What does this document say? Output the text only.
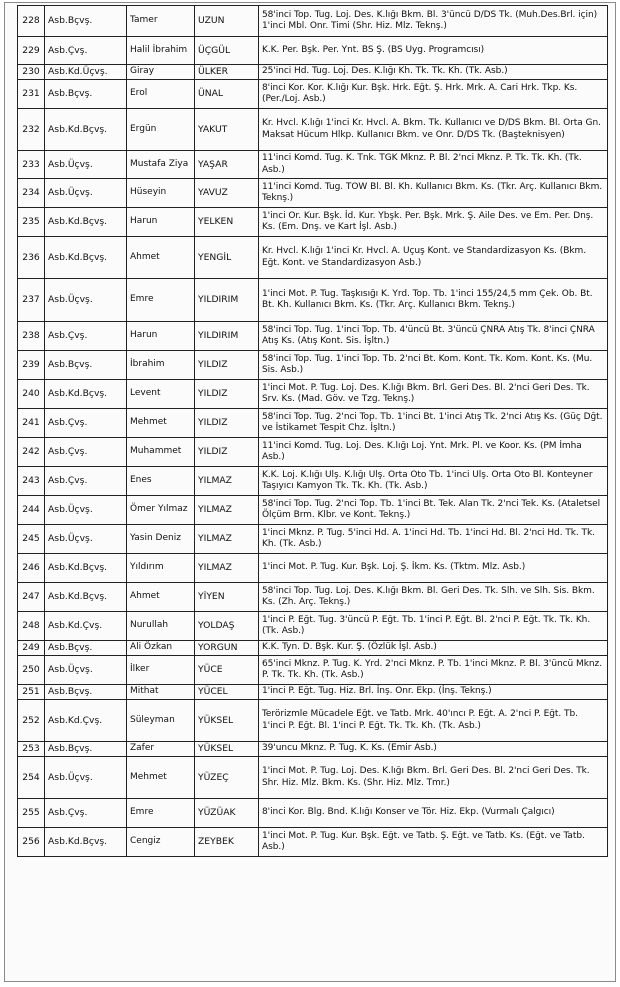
228	Asb.Bçvş.	Tamer	UZUN	58'inci Top. Tug. Loj. Des. K.lığı Bkm. Bl. 3'üncü D/DS Tk. (Muh.Des.Brl. için) 1'inci Mbl. Onr. Timi (Shr. Hiz. Mlz. Teknş.)
229	Asb.Çvş.	Halil İbrahim	ÜÇGÜL	K.K. Per. Bşk. Per. Ynt. BS Ş. (BS Uyg. Programcısı)
230	Asb.Kd.Üçvş.	Giray	ÜLKER	25'inci Hd. Tug. Loj. Des. K.lığı Kh. Tk. Tk. Kh. (Tk. Asb.)
231	Asb.Bçvş.	Erol	ÜNAL	8'inci Kor. Kor. K.lığı Kur. Bşk. Hrk. Eğt. Ş. Hrk. Mrk. A. Cari Hrk. Tkp. Ks. (Per./Loj. Asb.)
232	Asb.Kd.Bçvş.	Ergün	YAKUT	Kr. Hvcl. K.lığı 1'inci Kr. Hvcl. A. Bkm. Tk. Kullanıcı ve D/DS Bkm. Bl. Orta Gn. Maksat Hücum Hlkp. Kullanıcı Bkm. ve Onr. D/DS Tk. (Başteknisyen)
233	Asb.Üçvş.	Mustafa Ziya	YAŞAR	11'inci Komd. Tug. K. Tnk. TGK Mknz. P. Bl. 2'nci Mknz. P. Tk. Tk. Kh. (Tk. Asb.)
234	Asb.Üçvş.	Hüseyin	YAVUZ	11'inci Komd. Tug. TOW Bl. Bl. Kh. Kullanıcı Bkm. Ks. (Tkr. Arç. Kullanıcı Bkm. Teknş.)
235	Asb.Kd.Bçvş.	Harun	YELKEN	1'inci Or. Kur. Bşk. İd. Kur. Ybşk. Per. Bşk. Mrk. Ş. Aile Des. ve Em. Per. Dnş. Ks. (Em. Dnş. ve Kart İşl. Asb.)
236	Asb.Kd.Bçvş.	Ahmet	YENGİL	Kr. Hvcl. K.lığı 1'inci Kr. Hvcl. A. Uçuş Kont. ve Standardizasyon Ks. (Bkm. Eğt. Kont. ve Standardizasyon Asb.)
237	Asb.Üçvş.	Emre	YILDIRIM	1'inci Mot. P. Tug. Taşkısığı K. Yrd. Top. Tb. 1'inci 155/24,5 mm Çek. Ob. Bt. Bt. Kh. Kullanıcı Bkm. Ks. (Tkr. Arç. Kullanıcı Bkm. Teknş.)
238	Asb.Çvş.	Harun	YILDIRIM	58'inci Top. Tug. 1'inci Top. Tb. 4'üncü Bt. 3'üncü ÇNRA Atış Tk. 8'inci ÇNRA Atış Ks. (Atış Kont. Sis. İşltn.)
239	Asb.Bçvş.	İbrahim	YILDIZ	58'inci Top. Tug. 1'inci Top. Tb. 2'nci Bt. Kom. Kont. Tk. Kom. Kont. Ks. (Mu. Sis. Asb.)
240	Asb.Kd.Bçvş.	Levent	YILDIZ	1'inci Mot. P. Tug. Loj. Des. K.lığı Bkm. Brl. Geri Des. Bl. 2'nci Geri Des. Tk. Srv. Ks. (Mad. Göv. ve Tzg. Teknş.)
241	Asb.Çvş.	Mehmet	YILDIZ	58'inci Top. Tug. 2'nci Top. Tb. 1'inci Bt. 1'inci Atış Tk. 2'nci Atış Ks. (Güç Dğt. ve İstikamet Tespit Chz. İşltn.)
242	Asb.Çvş.	Muhammet	YILDIZ	11'inci Komd. Tug. Loj. Des. K.lığı Loj. Ynt. Mrk. Pl. ve Koor. Ks. (PM İmha Asb.)
243	Asb.Çvş.	Enes	YILMAZ	K.K. Loj. K.lığı Ulş. K.lığı Ulş. Orta Oto Tb. 1'inci Ulş. Orta Oto Bl. Konteyner Taşıyıcı Kamyon Tk. Tk. Kh. (Tk. Asb.)
244	Asb.Üçvş.	Ömer Yılmaz	YILMAZ	58'inci Top. Tug. 2'nci Top. Tb. 1'inci Bt. Tek. Alan Tk. 2'nci Tek. Ks. (Ataletsel Ölçüm Brm. Klbr. ve Kont. Teknş.)
245	Asb.Üçvş.	Yasin Deniz	YILMAZ	1'inci Mknz. P. Tug. 5'inci Hd. A. 1'inci Hd. Tb. 1'inci Hd. Bl. 2'nci Hd. Tk. Tk. Kh. (Tk. Asb.)
246	Asb.Kd.Bçvş.	Yıldırım	YILMAZ	1'inci Mot. P. Tug. Kur. Bşk. Loj. Ş. İkm. Ks. (Tktm. Mlz. Asb.)
247	Asb.Kd.Bçvş.	Ahmet	YİYEN	58'inci Top. Tug. Loj. Des. K.lığı Bkm. Bl. Geri Des. Tk. Slh. ve Slh. Sis. Bkm. Ks. (Zh. Arç. Teknş.)
248	Asb.Kd.Çvş.	Nurullah	YOLDAŞ	1'inci P. Eğt. Tug. 3'üncü P. Eğt. Tb. 1'inci P. Eğt. Bl. 2'nci P. Eğt. Tk. Tk. Kh. (Tk. Asb.)
249	Asb.Bçvş.	Ali Özkan	YORGUN	K.K. Tyn. D. Bşk. Kur. Ş. (Özlük İşl. Asb.)
250	Asb.Üçvş.	İlker	YÜCE	65'inci Mknz. P. Tug. K. Yrd. 2'nci Mknz. P. Tb. 1'inci Mknz. P. Bl. 3'üncü Mknz. P. Tk. Tk. Kh. (Tk. Asb.)
251	Asb.Bçvş.	Mithat	YÜCEL	1'inci P. Eğt. Tug. Hiz. Brl. İnş. Onr. Ekp. (İnş. Teknş.)
252	Asb.Kd.Çvş.	Süleyman	YÜKSEL	Terörizmle Mücadele Eğt. ve Tatb. Mrk. 40'ıncı P. Eğt. A. 2'nci P. Eğt. Tb. 1'inci P. Eğt. Bl. 1'inci P. Eğt. Tk. Tk. Kh. (Tk. Asb.)
253	Asb.Bçvş.	Zafer	YÜKSEL	39'uncu Mknz. P. Tug. K. Ks. (Emir Asb.)
254	Asb.Üçvş.	Mehmet	YÜZEÇ	1'inci Mot. P. Tug. Loj. Des. K.lığı Bkm. Brl. Geri Des. Bl. 2'nci Geri Des. Tk. Shr. Hiz. Mlz. Bkm. Ks. (Shr. Hiz. Mlz. Tmr.)
255	Asb.Çvş.	Emre	YÜZÜAK	8'inci Kor. Blg. Bnd. K.lığı Konser ve Tör. Hiz. Ekp. (Vurmalı Çalgıcı)
256	Asb.Kd.Bçvş.	Cengiz	ZEYBEK	1'inci Mot. P. Tug. Kur. Bşk. Eğt. ve Tatb. Ş. Eğt. ve Tatb. Ks. (Eğt. ve Tatb. Asb.)
